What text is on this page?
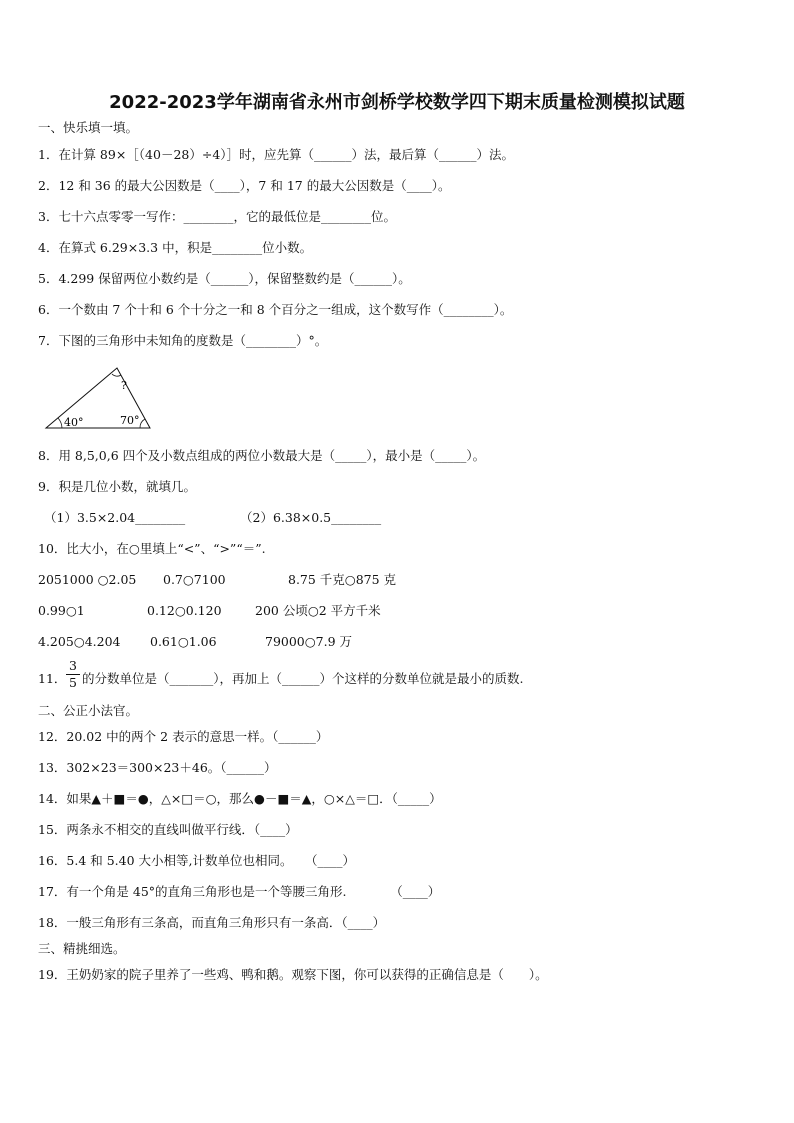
2022-2023学年湖南省永州市剑桥学校数学四下期末质量检测模拟试题
一、快乐填一填。
1．在计算 89×［（40－28）÷4）］时，应先算（______）法，最后算（______）法。
2．12 和 36 的最大公因数是（____），7 和 17 的最大公因数是（____）。
3．七十六点零零一写作：________，它的最低位是________位。
4．在算式 6.29×3.3 中，积是________位小数。
5．4.299 保留两位小数约是（______），保留整数约是（______）。
6．一个数由 7 个十和 6 个十分之一和 8 个百分之一组成，这个数写作（________）。
7．下图的三角形中未知角的度数是（________）°。
?
40°	70°
8．用 8,5,0,6 四个及小数点组成的两位小数最大是（_____），最小是（_____）。
9．积是几位小数，就填几。
（1）3.5×2.04________	（2）6.38×0.5________
10．比大小，在○里填上“<”、“>”“＝”.
2051000 ○2.05 0.7○7100	8.75 千克○875 克
0.99○1	0.12○0.120	200 公顷○2 平方千米
4.205○4.204 0.61○1.06	79000○7.9 万
11．
3
5 的分数单位是（_______），再加上（______）个这样的分数单位就是最小的质数.
二、公正小法官。
12．20.02 中的两个 2 表示的意思一样。（______）
13．302×23＝300×23＋46。（______）
14．如果▲＋■＝●，△×□＝○，那么●－■＝▲，○×△＝□．（_____）
15．两条永不相交的直线叫做平行线．（____）
16．5.4 和 5.40 大小相等,计数单位也相同。　　（____）
17．有一个角是 45°的直角三角形也是一个等腰三角形.　　　　（____）
18．一般三角形有三条高，而直角三角形只有一条高．（____）
三、精挑细选。
19．王奶奶家的院子里养了一些鸡、鸭和鹅。观察下图，你可以获得的正确信息是（　　）。
